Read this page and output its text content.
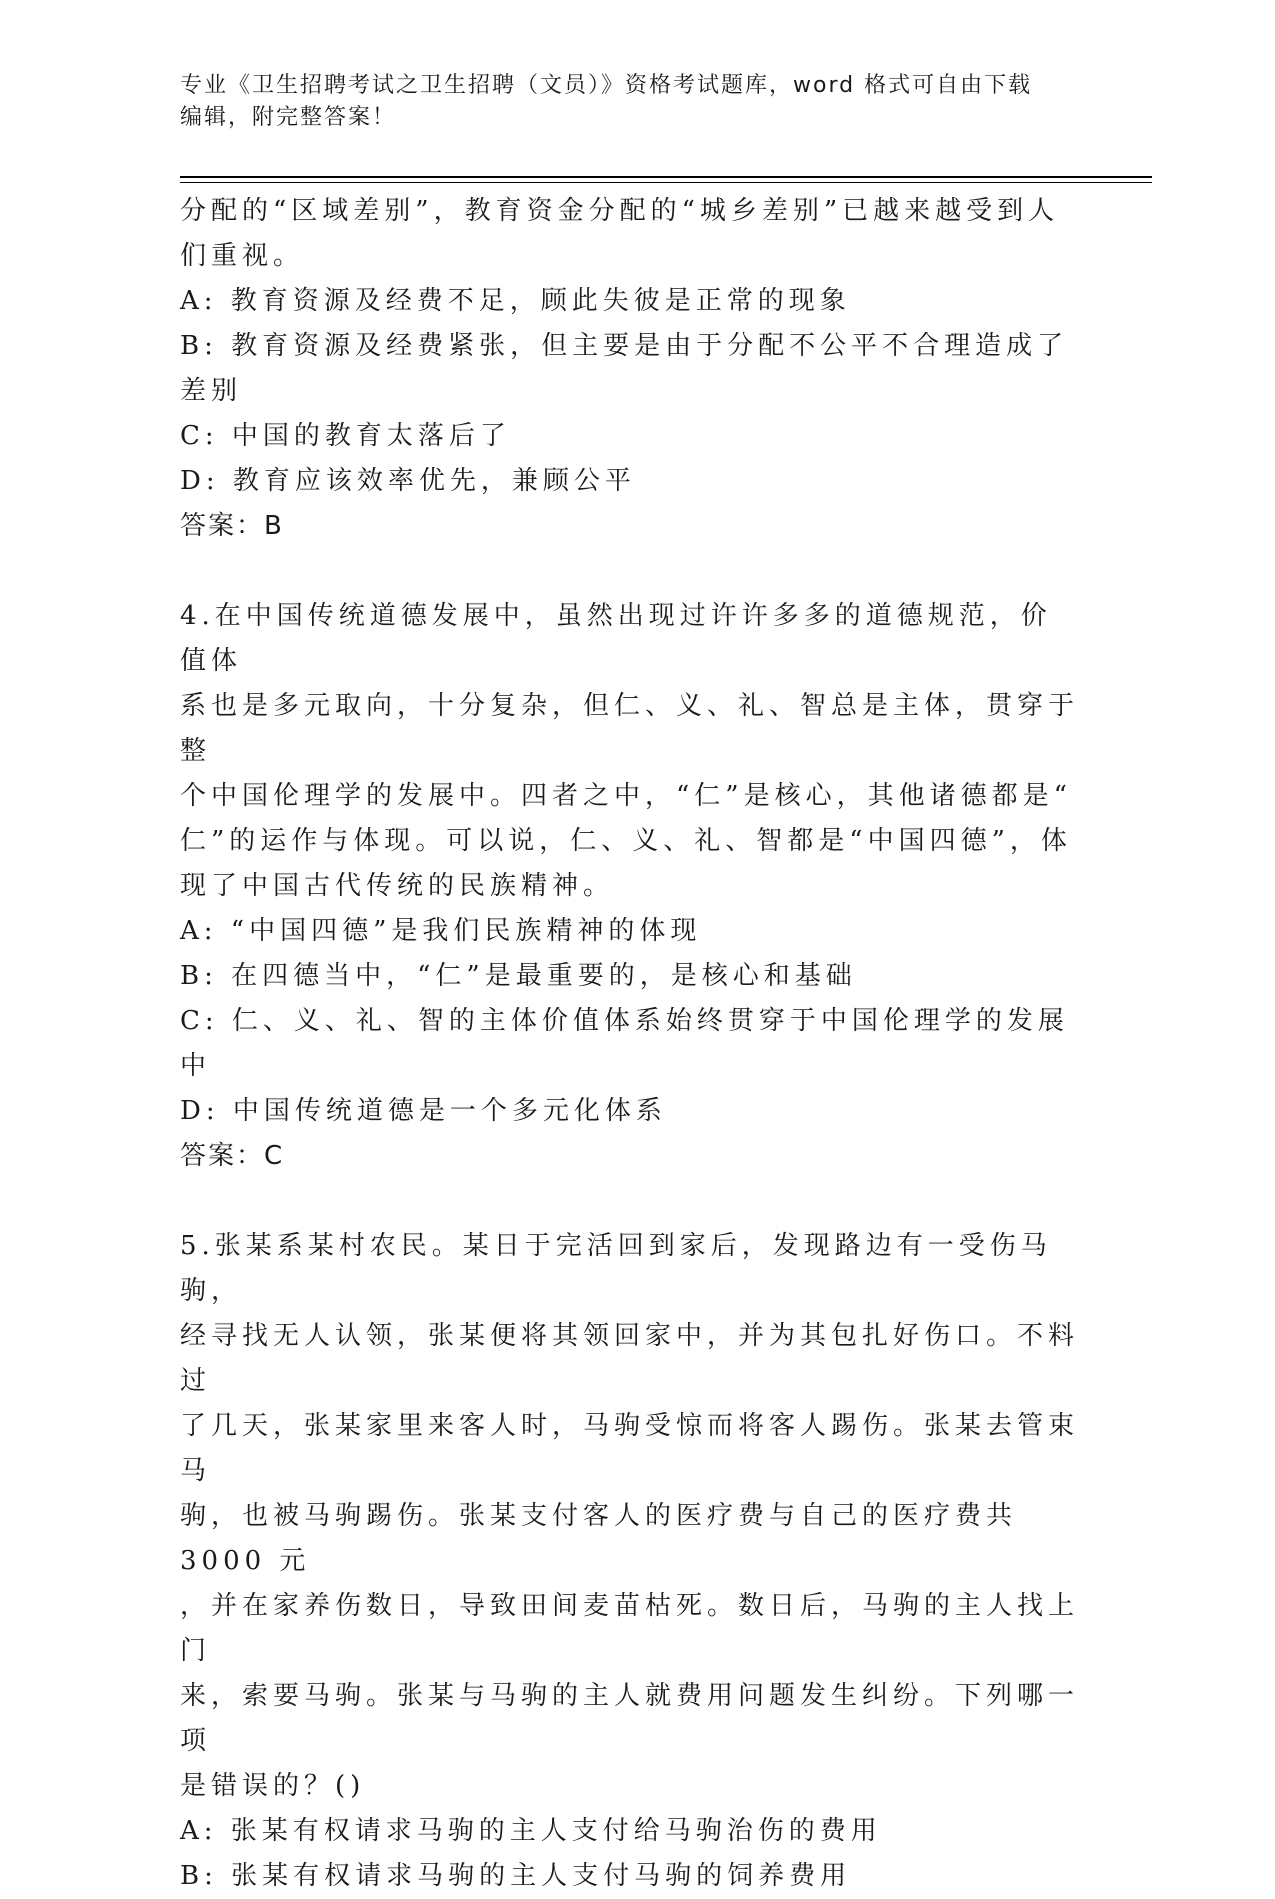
专业《卫生招聘考试之卫生招聘（文员）》资格考试题库，word 格式可自由下载
编辑，附完整答案！

分配的“区域差别”，教育资金分配的“城乡差别”已越来越受到人

们重视。

A: 教育资源及经费不足，顾此失彼是正常的现象

B: 教育资源及经费紧张，但主要是由于分配不公平不合理造成了差别

C: 中国的教育太落后了

D: 教育应该效率优先，兼顾公平

答案：B

4.在中国传统道德发展中，虽然出现过许许多多的道德规范，价值体

系也是多元取向，十分复杂，但仁、义、礼、智总是主体，贯穿于整

个中国伦理学的发展中。四者之中，“仁”是核心，其他诸德都是“

仁”的运作与体现。可以说，仁、义、礼、智都是“中国四德”，体

现了中国古代传统的民族精神。

A: “中国四德”是我们民族精神的体现

B: 在四德当中，“仁”是最重要的，是核心和基础

C: 仁、义、礼、智的主体价值体系始终贯穿于中国伦理学的发展中

D: 中国传统道德是一个多元化体系

答案：C

5.张某系某村农民。某日于完活回到家后，发现路边有一受伤马驹，

经寻找无人认领，张某便将其领回家中，并为其包扎好伤口。不料过

了几天，张某家里来客人时，马驹受惊而将客人踢伤。张某去管束马

驹，也被马驹踢伤。张某支付客人的医疗费与自己的医疗费共 3000 元

，并在家养伤数日，导致田间麦苗枯死。数日后，马驹的主人找上门

来，索要马驹。张某与马驹的主人就费用问题发生纠纷。下列哪一项

是错误的？()

A: 张某有权请求马驹的主人支付给马驹治伤的费用

B: 张某有权请求马驹的主人支付马驹的饲养费用
